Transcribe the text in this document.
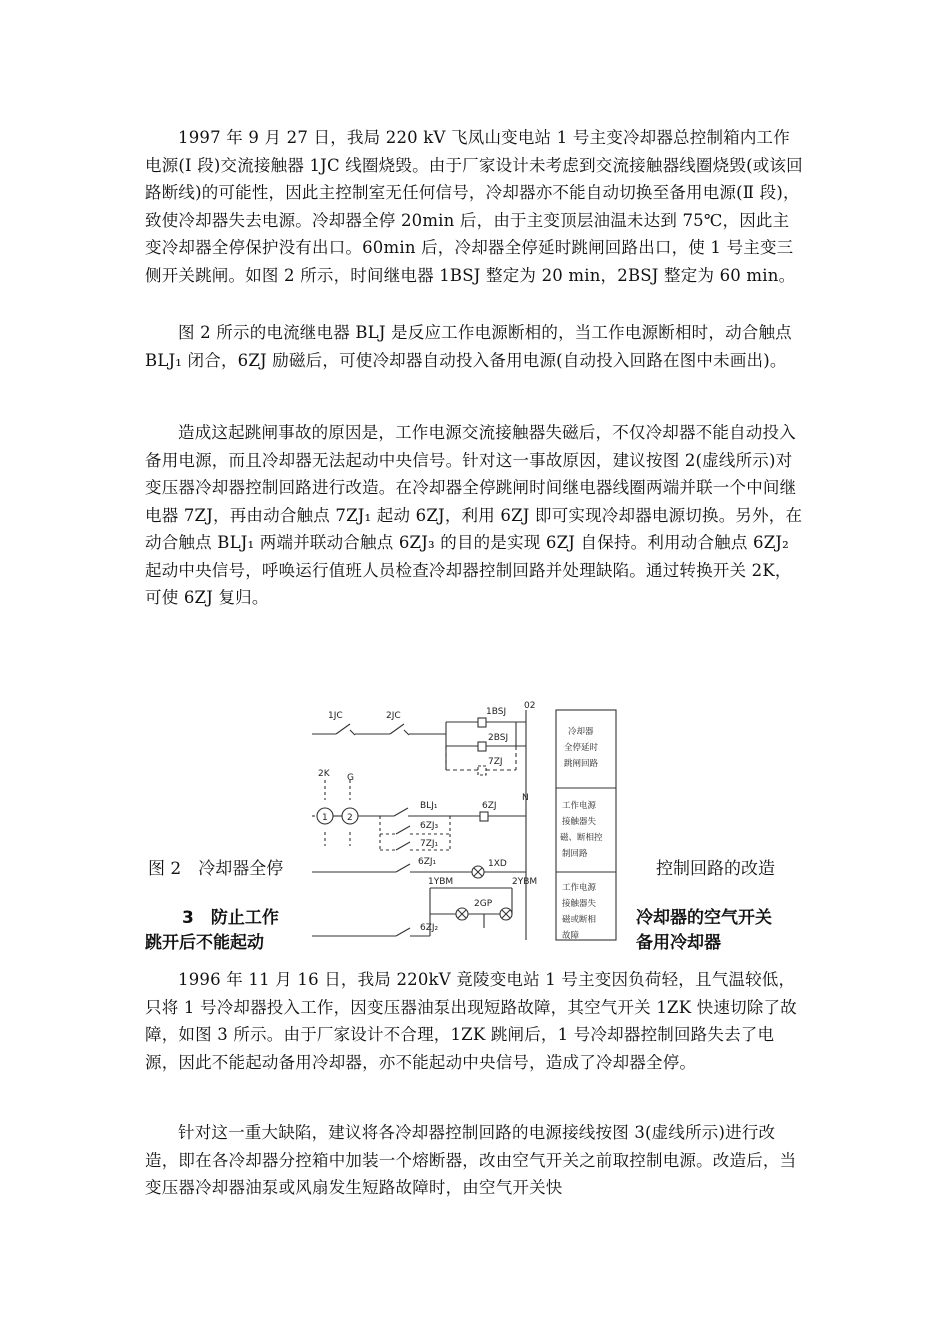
1997 年 9 月 27 日，我局 220 kV 飞凤山变电站 1 号主变冷却器总控制箱内工作电源(Ⅰ 段)交流接触器 1JC 线圈烧毁。由于厂家设计未考虑到交流接触器线圈烧毁(或该回路断线)的可能性，因此主控制室无任何信号，冷却器亦不能自动切换至备用电源(Ⅱ 段)，致使冷却器失去电源。冷却器全停 20min 后，由于主变顶层油温未达到 75℃，因此主变冷却器全停保护没有出口。60min 后，冷却器全停延时跳闸回路出口，使 1 号主变三侧开关跳闸。如图 2 所示，时间继电器 1BSJ 整定为 20 min，2BSJ 整定为 60 min。

图 2 所示的电流继电器 BLJ 是反应工作电源断相的，当工作电源断相时，动合触点 BLJ₁ 闭合，6ZJ 励磁后，可使冷却器自动投入备用电源(自动投入回路在图中未画出)。

造成这起跳闸事故的原因是，工作电源交流接触器失磁后，不仅冷却器不能自动投入备用电源，而且冷却器无法起动中央信号。针对这一事故原因，建议按图 2(虚线所示)对变压器冷却器控制回路进行改造。在冷却器全停跳闸时间继电器线圈两端并联一个中间继电器 7ZJ，再由动合触点 7ZJ₁ 起动 6ZJ，利用 6ZJ 即可实现冷却器电源切换。另外，在动合触点 BLJ₁ 两端并联动合触点 6ZJ₃ 的目的是实现 6ZJ 自保持。利用动合触点 6ZJ₂ 起动中央信号，呼唤运行值班人员检查冷却器控制回路并处理缺陷。通过转换开关 2K，可使 6ZJ 复归。

1JC	2JC	1BSJ
2BSJ
7ZJ
02
N
2K G
1 2
BLJ₁	6ZJ
6ZJ₃
7ZJ₁
6ZJ₁	1XD
1YBM	2YBM
2GP
6ZJ₂
冷却器
全停延时
跳闸回路
工作电源
接触器失
磁、断相控
制回路
工作电源
接触器失
磁或断相
故障
图 2　冷却器全停	控制回路的改造
3　防止工作
跳开后不能起动
冷却器的空气开关
备用冷却器

1996 年 11 月 16 日，我局 220kV 竟陵变电站 1 号主变因负荷轻，且气温较低，只将 1 号冷却器投入工作，因变压器油泵出现短路故障，其空气开关 1ZK 快速切除了故障，如图 3 所示。由于厂家设计不合理，1ZK 跳闸后，1 号冷却器控制回路失去了电源，因此不能起动备用冷却器，亦不能起动中央信号，造成了冷却器全停。

针对这一重大缺陷，建议将各冷却器控制回路的电源接线按图 3(虚线所示)进行改造，即在各冷却器分控箱中加装一个熔断器，改由空气开关之前取控制电源。改造后，当变压器冷却器油泵或风扇发生短路故障时，由空气开关快
